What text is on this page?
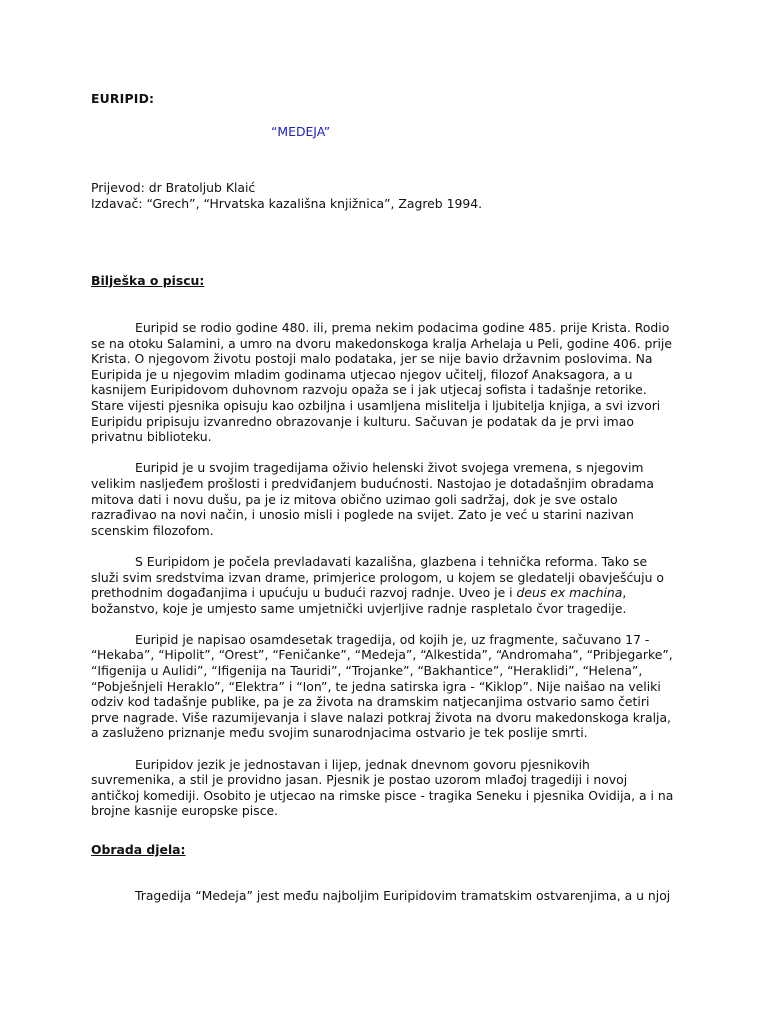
EURIPID:
“MEDEJA”
Prijevod: dr Bratoljub Klaić
Izdavač: “Grech”, “Hrvatska kazališna knjižnica”, Zagreb 1994.
Bilješka o piscu:

Euripid se rodio godine 480. ili, prema nekim podacima godine 485. prije Krista. Rodio se na otoku Salamini, a umro na dvoru makedonskoga kralja Arhelaja u Peli, godine 406. prije Krista. O njegovom životu postoji malo podataka, jer se nije bavio državnim poslovima. Na Euripida je u njegovim mladim godinama utjecao njegov učitelj, filozof Anaksagora, a u kasnijem Euripidovom duhovnom razvoju opaža se i jak utjecaj sofista i tadašnje retorike. Stare vijesti pjesnika opisuju kao ozbiljna i usamljena mislitelja i ljubitelja knjiga, a svi izvori Euripidu pripisuju izvanredno obrazovanje i kulturu. Sačuvan je podatak da je prvi imao privatnu biblioteku.

Euripid je u svojim tragedijama oživio helenski život svojega vremena, s njegovim velikim nasljeđem prošlosti i predviđanjem budućnosti. Nastojao je dotadašnjim obradama mitova dati i novu dušu, pa je iz mitova obično uzimao goli sadržaj, dok je sve ostalo razrađivao na novi način, i unosio misli i poglede na svijet. Zato je već u starini nazivan scenskim filozofom.

S Euripidom je počela prevladavati kazališna, glazbena i tehnička reforma. Tako se služi svim sredstvima izvan drame, primjerice prologom, u kojem se gledatelji obavješćuju o prethodnim događanjima i upućuju u budući razvoj radnje. Uveo je i deus ex machina, božanstvo, koje je umjesto same umjetnički uvjerljive radnje raspletalo čvor tragedije.

Euripid je napisao osamdesetak tragedija, od kojih je, uz fragmente, sačuvano 17 - “Hekaba”, “Hipolit”, “Orest”, “Feničanke”, “Medeja”, “Alkestida”, “Andromaha”, “Pribjegarke”, “Ifigenija u Aulidi”, “Ifigenija na Tauridi”, “Trojanke”, “Bakhantice”, “Heraklidi”, “Helena”, “Pobješnjeli Heraklo”, “Elektra” i “Ion”, te jedna satirska igra - “Kiklop”. Nije naišao na veliki odziv kod tadašnje publike, pa je za života na dramskim natjecanjima ostvario samo četiri prve nagrade. Više razumijevanja i slave nalazi potkraj života na dvoru makedonskoga kralja, a zasluženo priznanje među svojim sunarodnjacima ostvario je tek poslije smrti.

Euripidov jezik je jednostavan i lijep, jednak dnevnom govoru pjesnikovih suvremenika, a stil je providno jasan. Pjesnik je postao uzorom mlađoj tragediji i novoj antičkoj komediji. Osobito je utjecao na rimske pisce - tragika Seneku i pjesnika Ovidija, a i na brojne kasnije europske pisce.

Obrada djela:

Tragedija “Medeja” jest među najboljim Euripidovim tramatskim ostvarenjima, a u njoj
